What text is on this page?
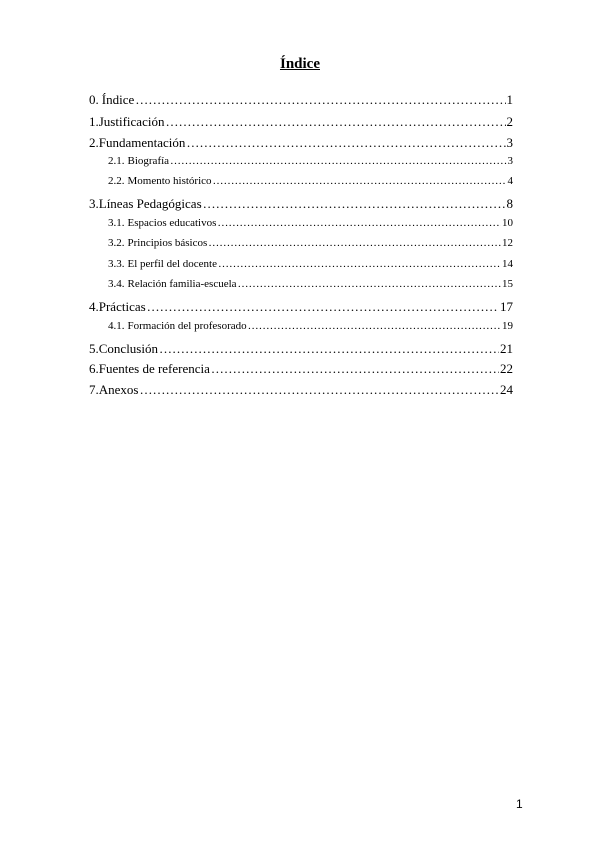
Índice
0. Índice …………………………………………………………………………………………………………………………………………………………………………………………	1
1. Justificación …………………………………………………………………………………………………………………………………………………………………………………………	2
2. Fundamentación …………………………………………………………………………………………………………………………………………………………………………………………	3
2.1. Biografía …………………………………………………………………………………………………………………………………………………………………………………………	3
2.2. Momento histórico …………………………………………………………………………………………………………………………………………………………………………………………	4
3. Líneas Pedagógicas …………………………………………………………………………………………………………………………………………………………………………………………	8
3.1. Espacios educativos …………………………………………………………………………………………………………………………………………………………………………………………	10
3.2. Principios básicos …………………………………………………………………………………………………………………………………………………………………………………………	12
3.3. El perfil del docente …………………………………………………………………………………………………………………………………………………………………………………………	14
3.4. Relación familia-escuela …………………………………………………………………………………………………………………………………………………………………………………………	15
4. Prácticas …………………………………………………………………………………………………………………………………………………………………………………………	17
4.1. Formación del profesorado …………………………………………………………………………………………………………………………………………………………………………………………	19
5. Conclusión …………………………………………………………………………………………………………………………………………………………………………………………	21
6. Fuentes de referencia …………………………………………………………………………………………………………………………………………………………………………………………	22
7. Anexos …………………………………………………………………………………………………………………………………………………………………………………………	24
1
